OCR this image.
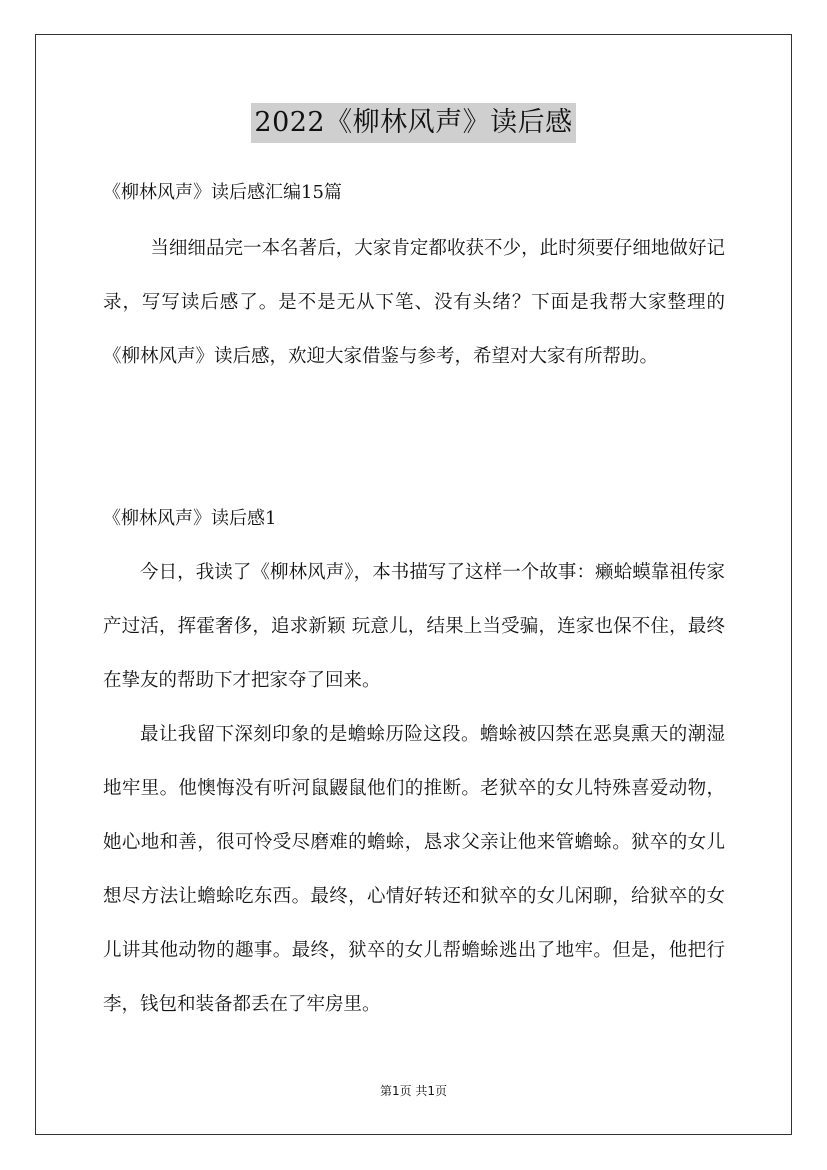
2022《柳林风声》读后感

《柳林风声》读后感汇编15篇

当细细品完一本名著后，大家肯定都收获不少，此时须要仔细地做好记录，写写读后感了。是不是无从下笔、没有头绪？下面是我帮大家整理的《柳林风声》读后感，欢迎大家借鉴与参考，希望对大家有所帮助。

《柳林风声》读后感1

今日，我读了《柳林风声》，本书描写了这样一个故事：癞蛤蟆靠祖传家产过活，挥霍奢侈，追求新颖 玩意儿，结果上当受骗，连家也保不住，最终在挚友的帮助下才把家夺了回来。

最让我留下深刻印象的是蟾蜍历险这段。蟾蜍被囚禁在恶臭熏天的潮湿地牢里。他懊悔没有听河鼠鼹鼠他们的推断。老狱卒的女儿特殊喜爱动物，她心地和善，很可怜受尽磨难的蟾蜍，恳求父亲让他来管蟾蜍。狱卒的女儿想尽方法让蟾蜍吃东西。最终，心情好转还和狱卒的女儿闲聊，给狱卒的女儿讲其他动物的趣事。最终，狱卒的女儿帮蟾蜍逃出了地牢。但是，他把行李，钱包和装备都丢在了牢房里。

第1页 共1页
